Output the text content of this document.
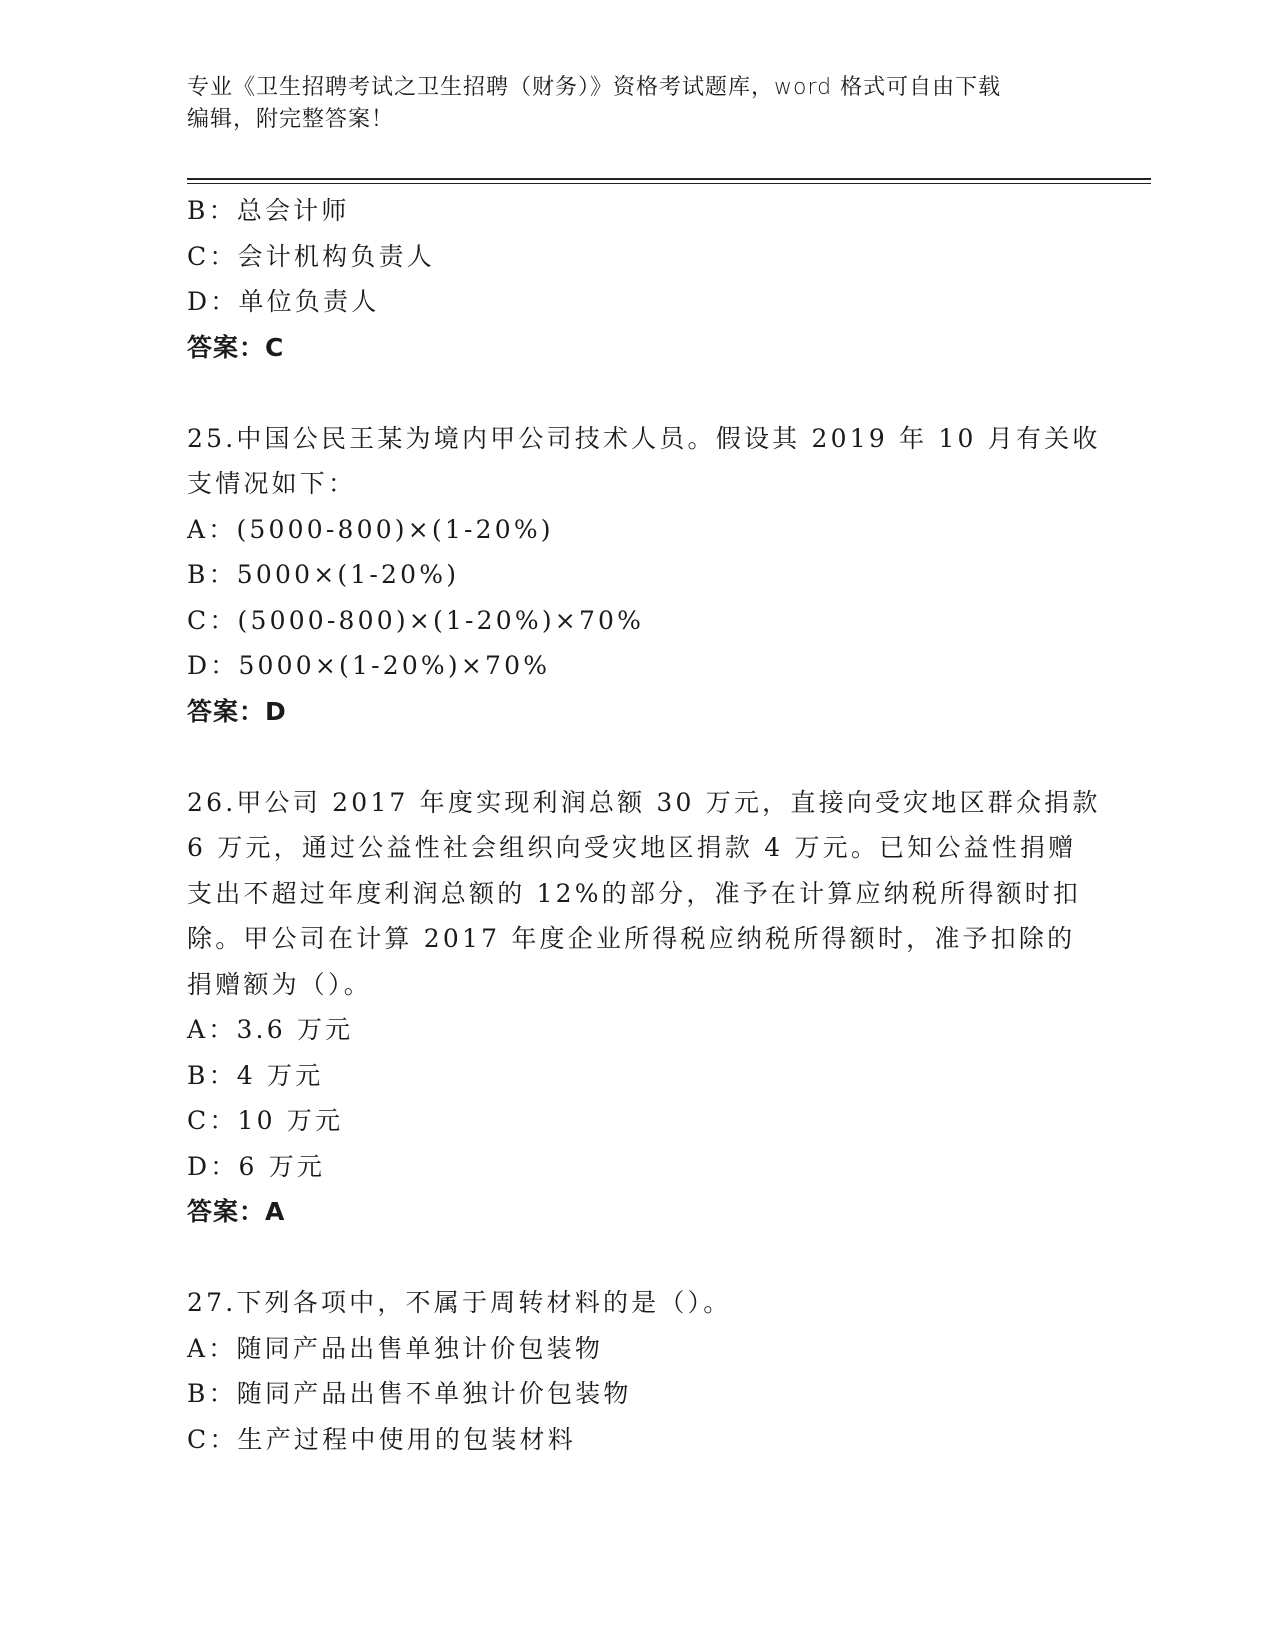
专业《卫生招聘考试之卫生招聘（财务）》资格考试题库，word 格式可自由下载
编辑，附完整答案！
B：总会计师
C：会计机构负责人
D：单位负责人
答案：C
25.中国公民王某为境内甲公司技术人员。假设其 2019 年 10 月有关收
支情况如下：
A：(5000-800)×(1-20%)
B：5000×(1-20%)
C：(5000-800)×(1-20%)×70%
D：5000×(1-20%)×70%
答案：D
26.甲公司 2017 年度实现利润总额 30 万元，直接向受灾地区群众捐款
6 万元，通过公益性社会组织向受灾地区捐款 4 万元。已知公益性捐赠
支出不超过年度利润总额的 12%的部分，准予在计算应纳税所得额时扣
除。甲公司在计算 2017 年度企业所得税应纳税所得额时，准予扣除的
捐赠额为（）。
A：3.6 万元
B：4 万元
C：10 万元
D：6 万元
答案：A
27.下列各项中，不属于周转材料的是（）。
A：随同产品出售单独计价包装物
B：随同产品出售不单独计价包装物
C：生产过程中使用的包装材料
